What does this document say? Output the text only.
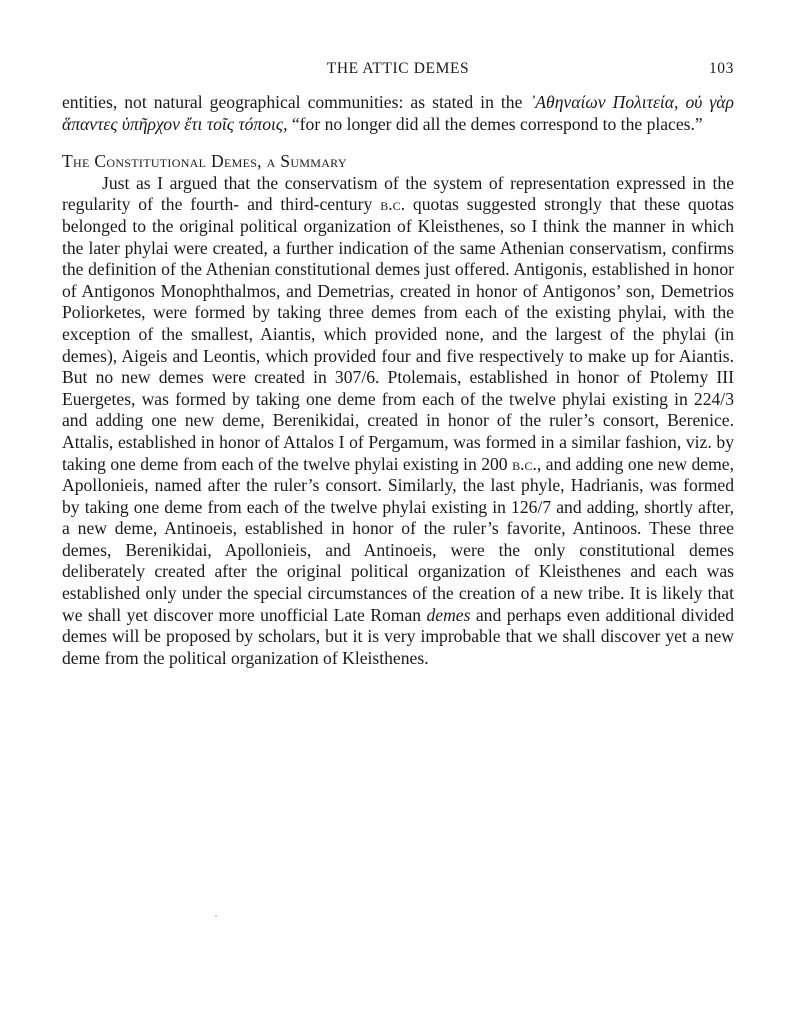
THE ATTIC DEMES	103

entities, not natural geographical communities: as stated in the ᾽Αθηναίων Πολιτεία, οὐ γὰρ ἅπαντες ὑπῆρχον ἔτι τοῖς τόποις, “for no longer did all the demes correspond to the places.”

The Constitutional Demes, a Summary

Just as I argued that the conservatism of the system of representation expressed in the regularity of the fourth- and third-century b.c. quotas suggested strongly that these quotas belonged to the original political organization of Kleisthenes, so I think the manner in which the later phylai were created, a further indication of the same Athenian conservatism, confirms the definition of the Athenian constitutional demes just offered. Antigonis, established in honor of Antigonos Monophthalmos, and Demetrias, created in honor of Antigonos’ son, Demetrios Poliorketes, were formed by taking three demes from each of the existing phylai, with the exception of the smallest, Aiantis, which provided none, and the largest of the phylai (in demes), Aigeis and Leontis, which provided four and five respectively to make up for Aiantis. But no new demes were created in 307/6. Ptolemais, established in honor of Ptolemy III Euergetes, was formed by taking one deme from each of the twelve phylai existing in 224/3 and adding one new deme, Berenikidai, created in honor of the ruler’s consort, Berenice. Attalis, established in honor of Attalos I of Pergamum, was formed in a similar fashion, viz. by taking one deme from each of the twelve phylai existing in 200 b.c., and adding one new deme, Apollonieis, named after the ruler’s consort. Similarly, the last phyle, Hadrianis, was formed by taking one deme from each of the twelve phylai existing in 126/7 and adding, shortly after, a new deme, Antinoeis, established in honor of the ruler’s favorite, Antinoos. These three demes, Berenikidai, Apollonieis, and Antinoeis, were the only constitutional demes deliberately created after the original political organization of Kleisthenes and each was established only under the special circumstances of the creation of a new tribe. It is likely that we shall yet discover more unofficial Late Roman demes and perhaps even additional divided demes will be proposed by scholars, but it is very improbable that we shall discover yet a new deme from the political organization of Kleisthenes.
